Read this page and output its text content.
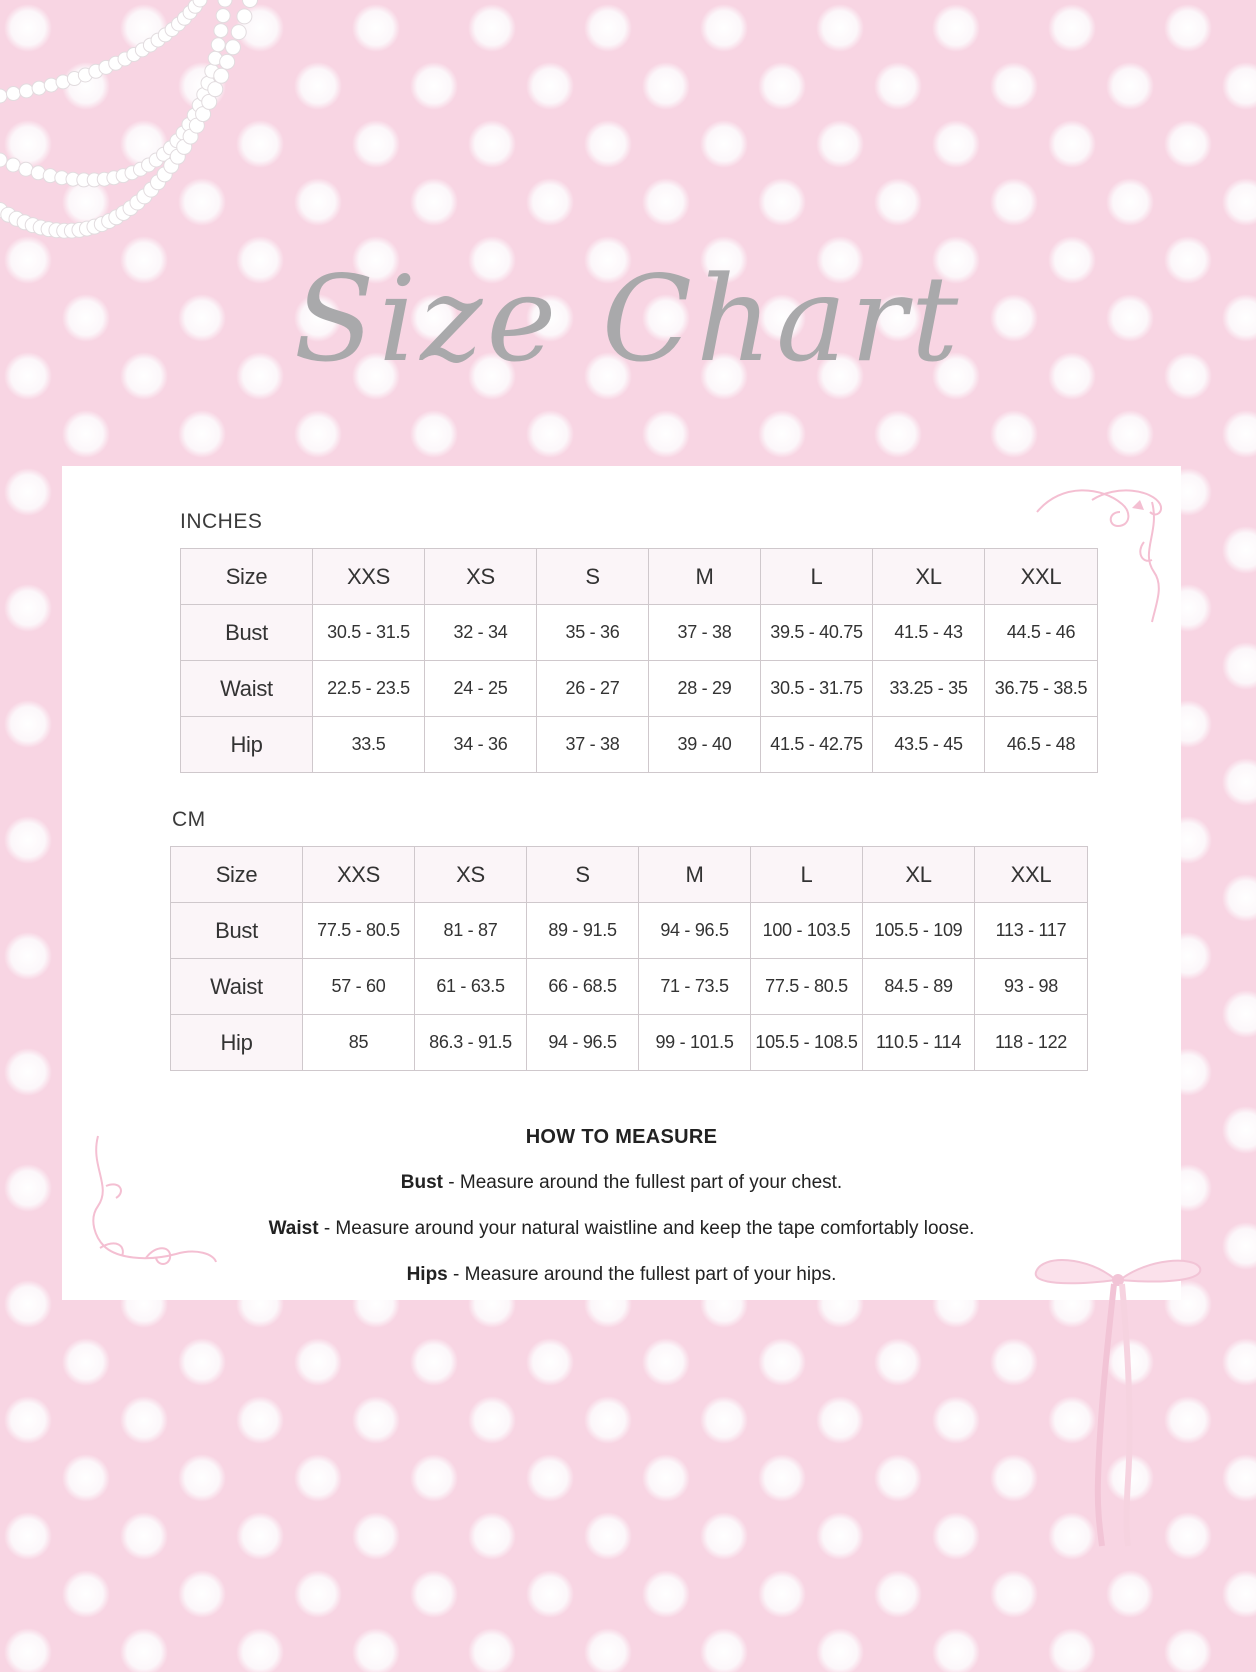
Size Chart
INCHES
Size	XXS	XS	S	M	L	XL	XXL
Bust	30.5 - 31.5	32 - 34	35 - 36	37 - 38	39.5 - 40.75	41.5 - 43	44.5 - 46
Waist	22.5 - 23.5	24 - 25	26 - 27	28 - 29	30.5 - 31.75	33.25 - 35	36.75 - 38.5
Hip	33.5	34 - 36	37 - 38	39 - 40	41.5 - 42.75	43.5 - 45	46.5 - 48
CM
Size	XXS	XS	S	M	L	XL	XXL
Bust	77.5 - 80.5	81 - 87	89 - 91.5	94 - 96.5	100 - 103.5	105.5 - 109	113 - 117
Waist	57 - 60	61 - 63.5	66 - 68.5	71 - 73.5	77.5 - 80.5	84.5 - 89	93 - 98
Hip	85	86.3 - 91.5	94 - 96.5	99 - 101.5	105.5 - 108.5	110.5 - 114	118 - 122
HOW TO MEASURE
Bust - Measure around the fullest part of your chest.
Waist - Measure around your natural waistline and keep the tape comfortably loose.
Hips - Measure around the fullest part of your hips.
